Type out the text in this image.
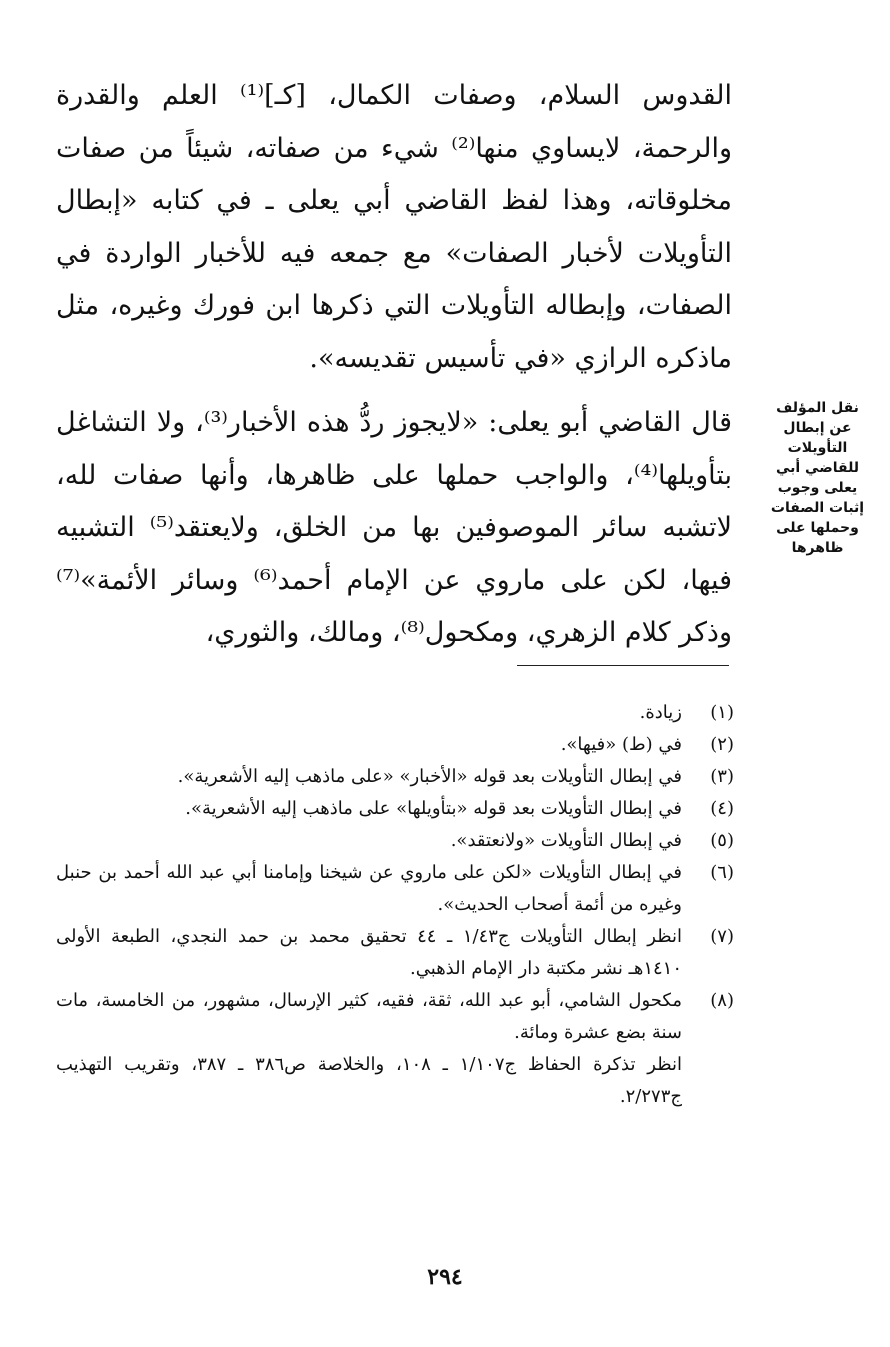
القدوس السلام، وصفات الكمال، [كـ]⁽¹⁾ العلم والقدرة والرحمة، لايساوي منها⁽²⁾ شيء من صفاته، شيئاً من صفات مخلوقاته، وهذا لفظ القاضي أبي يعلى ـ في كتابه «إبطال التأويلات لأخبار الصفات» مع جمعه فيه للأخبار الواردة في الصفات، وإبطاله التأويلات التي ذكرها ابن فورك وغيره، مثل ماذكره الرازي «في تأسيس تقديسه».

قال القاضي أبو يعلى: «لايجوز ردُّ هذه الأخبار⁽³⁾، ولا التشاغل بتأويلها⁽⁴⁾، والواجب حملها على ظاهرها، وأنها صفات لله، لاتشبه سائر الموصوفين بها من الخلق، ولايعتقد⁽⁵⁾ التشبيه فيها، لكن على ماروي عن الإمام أحمد⁽⁶⁾ وسائر الأئمة»⁽⁷⁾ وذكر كلام الزهري، ومكحول⁽⁸⁾، ومالك، والثوري،

نقل المؤلف عن إبطال التأويلات للقاضي أبي يعلى وجوب إثبات الصفات وحملها على ظاهرها
(١)
زيادة.
(٢)
في (ط) «فيها».
(٣)
في إبطال التأويلات بعد قوله «الأخبار» «على ماذهب إليه الأشعرية».
(٤)
في إبطال التأويلات بعد قوله «بتأويلها» على ماذهب إليه الأشعرية».
(٥)
في إبطال التأويلات «ولانعتقد».
(٦)
في إبطال التأويلات «لكن على ماروي عن شيخنا وإمامنا أبي عبد الله أحمد بن حنبل وغيره من أئمة أصحاب الحديث».
(٧)
انظر إبطال التأويلات ج١/٤٣ ـ ٤٤ تحقيق محمد بن حمد النجدي، الطبعة الأولى ١٤١٠هـ نشر مكتبة دار الإمام الذهبي.
(٨)
مكحول الشامي، أبو عبد الله، ثقة، فقيه، كثير الإرسال، مشهور، من الخامسة، مات سنة بضع عشرة ومائة.
انظر تذكرة الحفاظ ج١/١٠٧ ـ ١٠٨، والخلاصة ص٣٨٦ ـ ٣٨٧، وتقريب التهذيب ج٢/٢٧٣.
٢٩٤
